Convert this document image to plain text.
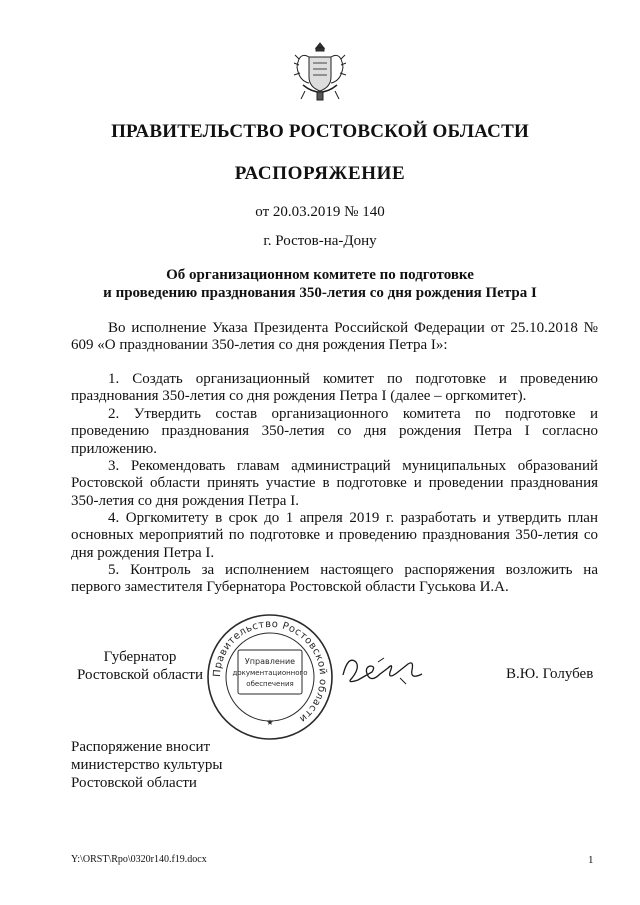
ПРАВИТЕЛЬСТВО РОСТОВСКОЙ ОБЛАСТИ
РАСПОРЯЖЕНИЕ
от 20.03.2019 № 140
г. Ростов-на-Дону
Об организационном комитете по подготовке
и проведению празднования 350-летия со дня рождения Петра I

Во исполнение Указа Президента Российской Федерации от 25.10.2018 № 609 «О праздновании 350-летия со дня рождения Петра I»:

1. Создать организационный комитет по подготовке и проведению празднования 350-летия со дня рождения Петра I (далее – оргкомитет).

2. Утвердить состав организационного комитета по подготовке и проведению празднования 350-летия со дня рождения Петра I согласно приложению.

3. Рекомендовать главам администраций муниципальных образований Ростовской области принять участие в подготовке и проведении празднования 350-летия со дня рождения Петра I.

4. Оргкомитету в срок до 1 апреля 2019 г. разработать и утвердить план основных мероприятий по подготовке и проведению празднования 350-летия со дня рождения Петра I.

5. Контроль за исполнением настоящего распоряжения возложить на первого заместителя Губернатора Ростовской области Гуськова И.А.

Губернатор
Ростовской области Правительство Ростовской области
Управление
документационного
обеспечения
★
В.Ю. Голубев
Распоряжение вносит
министерство культуры
Ростовской области
Y:\ORST\Rpo\0320r140.f19.docx	1
